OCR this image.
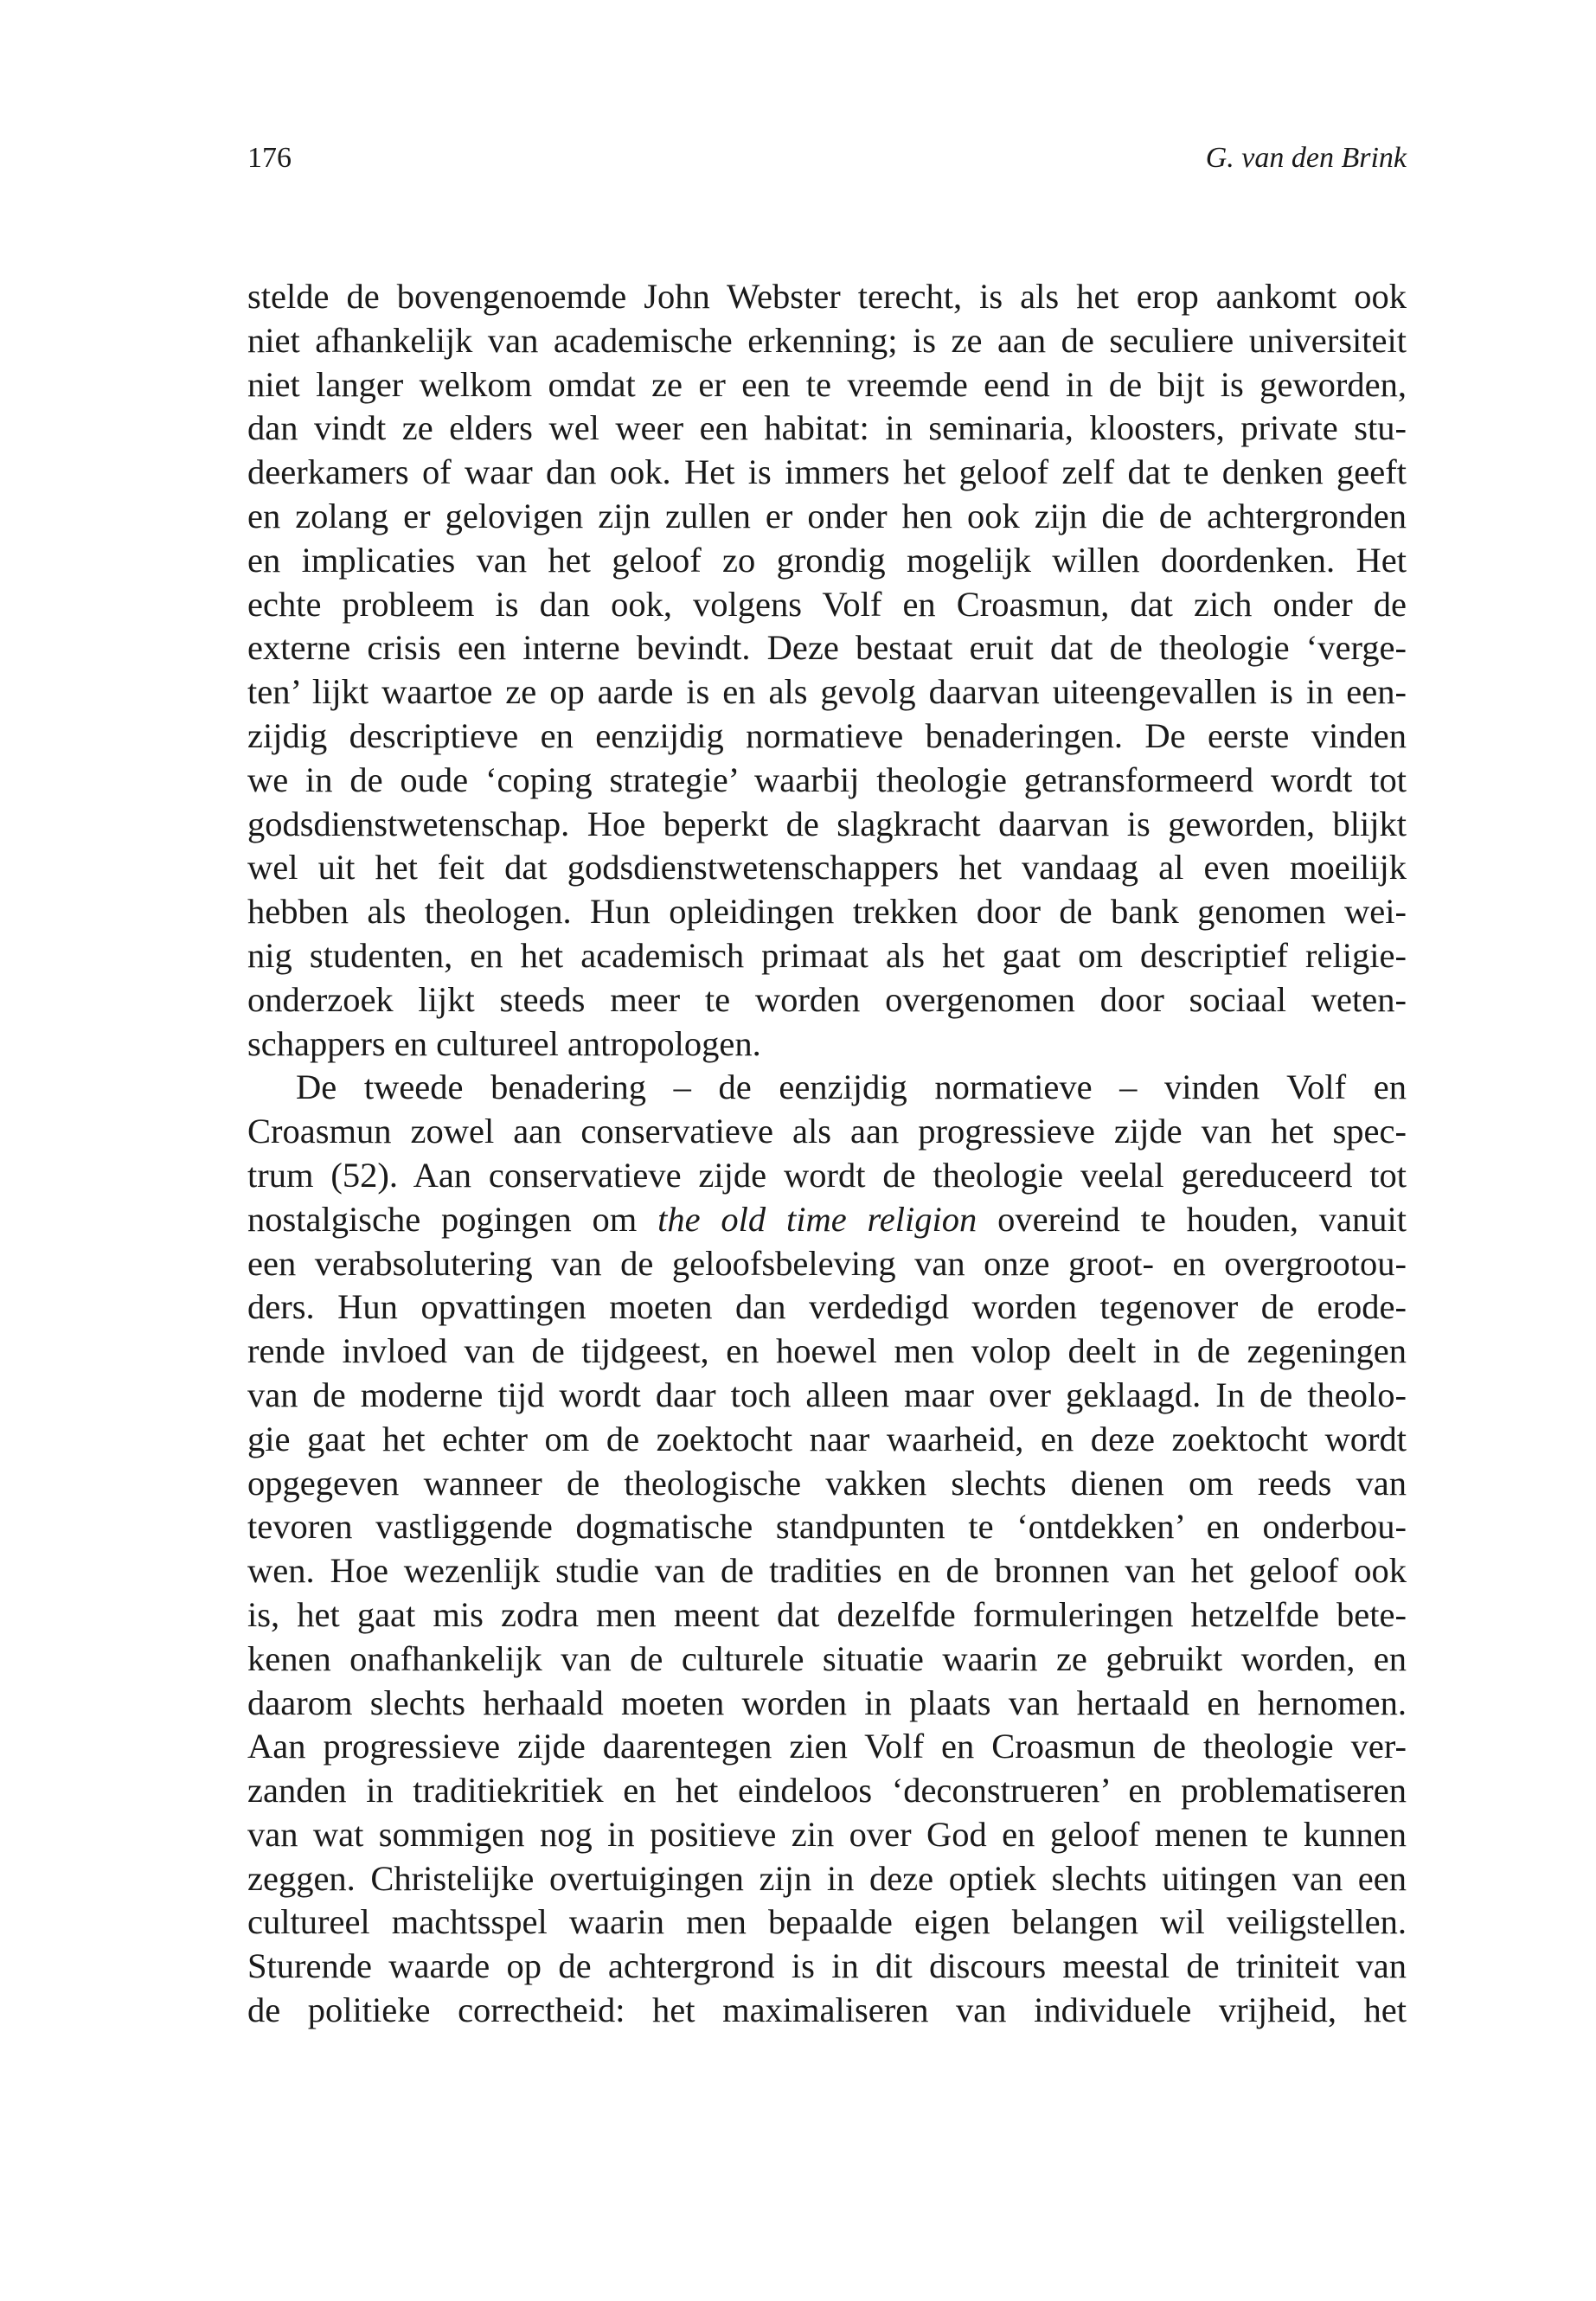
176	G. van den Brink
stelde de bovengenoemde John Webster terecht, is als het erop aankomt ook
niet afhankelijk van academische erkenning; is ze aan de seculiere universiteit
niet langer welkom omdat ze er een te vreemde eend in de bijt is geworden,
dan vindt ze elders wel weer een habitat: in seminaria, kloosters, private stu-
deerkamers of waar dan ook. Het is immers het geloof zelf dat te denken geeft
en zolang er gelovigen zijn zullen er onder hen ook zijn die de achtergronden
en implicaties van het geloof zo grondig mogelijk willen doordenken. Het
echte probleem is dan ook, volgens Volf en Croasmun, dat zich onder de
externe crisis een interne bevindt. Deze bestaat eruit dat de theologie ‘verge-
ten’ lijkt waartoe ze op aarde is en als gevolg daarvan uiteengevallen is in een-
zijdig descriptieve en eenzijdig normatieve benaderingen. De eerste vinden
we in de oude ‘coping strategie’ waarbij theologie getransformeerd wordt tot
godsdienstwetenschap. Hoe beperkt de slagkracht daarvan is geworden, blijkt
wel uit het feit dat godsdienstwetenschappers het vandaag al even moeilijk
hebben als theologen. Hun opleidingen trekken door de bank genomen wei-
nig studenten, en het academisch primaat als het gaat om descriptief religie-
onderzoek lijkt steeds meer te worden overgenomen door sociaal weten-
schappers en cultureel antropologen.
De tweede benadering – de eenzijdig normatieve – vinden Volf en
Croasmun zowel aan conservatieve als aan progressieve zijde van het spec-
trum (52). Aan conservatieve zijde wordt de theologie veelal gereduceerd tot
nostalgische pogingen om the old time religion overeind te houden, vanuit
een verabsolutering van de geloofsbeleving van onze groot- en overgrootou-
ders. Hun opvattingen moeten dan verdedigd worden tegenover de erode-
rende invloed van de tijdgeest, en hoewel men volop deelt in de zegeningen
van de moderne tijd wordt daar toch alleen maar over geklaagd. In de theolo-
gie gaat het echter om de zoektocht naar waarheid, en deze zoektocht wordt
opgegeven wanneer de theologische vakken slechts dienen om reeds van
tevoren vastliggende dogmatische standpunten te ‘ontdekken’ en onderbou-
wen. Hoe wezenlijk studie van de tradities en de bronnen van het geloof ook
is, het gaat mis zodra men meent dat dezelfde formuleringen hetzelfde bete-
kenen onafhankelijk van de culturele situatie waarin ze gebruikt worden, en
daarom slechts herhaald moeten worden in plaats van hertaald en hernomen.
Aan progressieve zijde daarentegen zien Volf en Croasmun de theologie ver-
zanden in traditiekritiek en het eindeloos ‘deconstrueren’ en problematiseren
van wat sommigen nog in positieve zin over God en geloof menen te kunnen
zeggen. Christelijke overtuigingen zijn in deze optiek slechts uitingen van een
cultureel machtsspel waarin men bepaalde eigen belangen wil veiligstellen.
Sturende waarde op de achtergrond is in dit discours meestal de triniteit van
de politieke correctheid: het maximaliseren van individuele vrijheid, het
